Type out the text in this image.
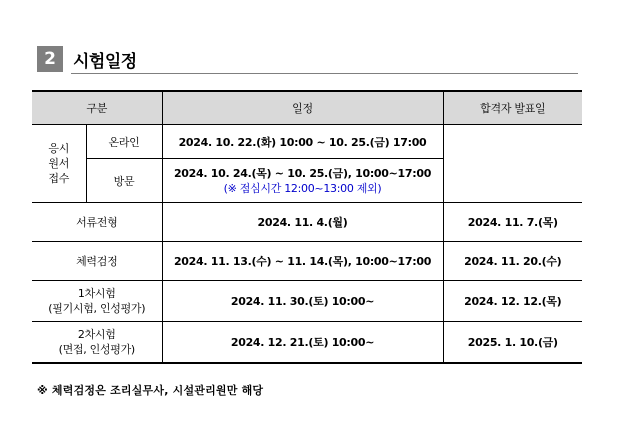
2	시험일정
구분		일정	합격자 발표일

응시
원서
접수	온라인	2024. 10. 22.(화) 10:00 ~ 10. 25.(금) 17:00	
	방문	2024. 10. 24.(목) ~ 10. 25.(금), 10:00~17:00
(※ 점심시간 12:00~13:00 제외)	

서류전형		2024. 11. 4.(월)	2024. 11. 7.(목)
체력검정		2024. 11. 13.(수) ~ 11. 14.(목), 10:00~17:00	2024. 11. 20.(수)

1차시험
(필기시험, 인성평가)		2024. 11. 30.(토) 10:00~	2024. 12. 12.(목)

2차시험
(면접, 인성평가)		2024. 12. 21.(토) 10:00~	2025. 1. 10.(금)
※ 체력검정은 조리실무사, 시설관리원만 해당
